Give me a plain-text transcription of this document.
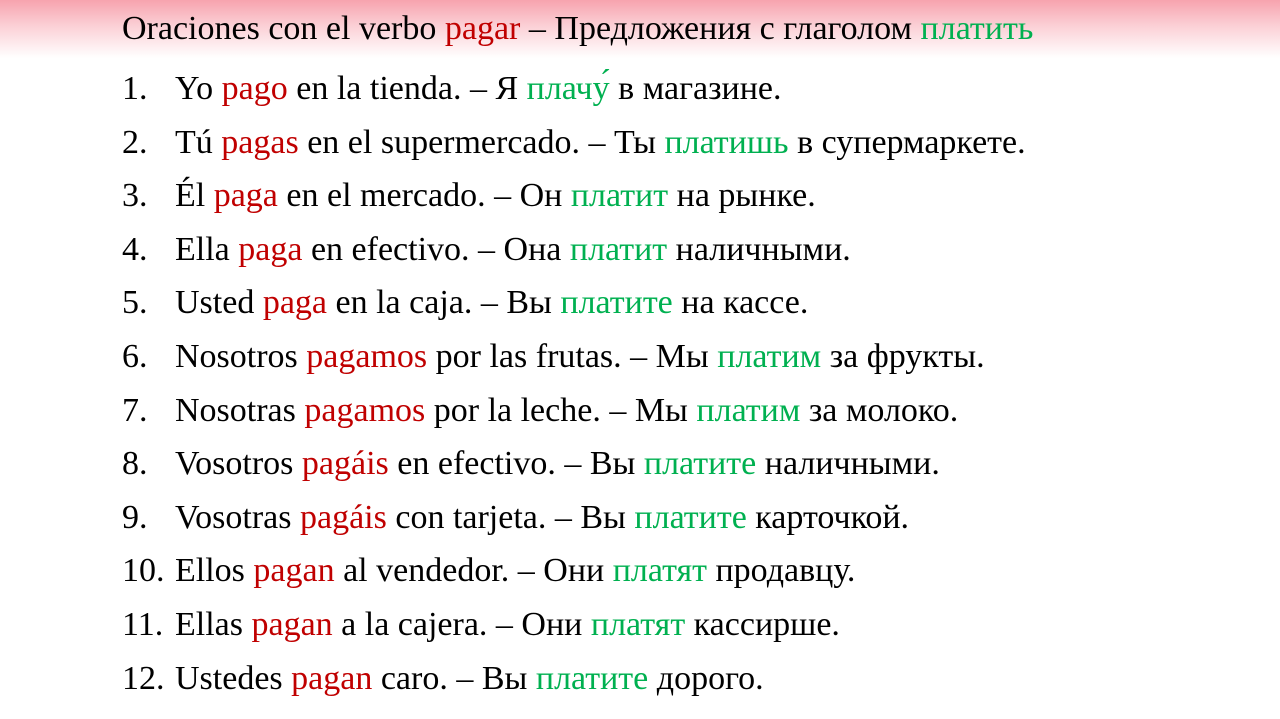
Oraciones con el verbo pagar – Предложения с глаголом платить
1. Yo pago en la tienda. – Я плачу́ в магазине.
2. Tú pagas en el supermercado. – Ты платишь в супермаркете.
3. Él paga en el mercado. – Он платит на рынке.
4. Ella paga en efectivo. – Она платит наличными.
5. Usted paga en la caja. – Вы платите на кассе.
6. Nosotros pagamos por las frutas. – Мы платим за фрукты.
7. Nosotras pagamos por la leche. – Мы платим за молоко.
8. Vosotros pagáis en efectivo. – Вы платите наличными.
9. Vosotras pagáis con tarjeta. – Вы платите карточкой.
10. Ellos pagan al vendedor. – Они платят продавцу.
11. Ellas pagan a la cajera. – Они платят кассирше.
12. Ustedes pagan caro. – Вы платите дорого.
